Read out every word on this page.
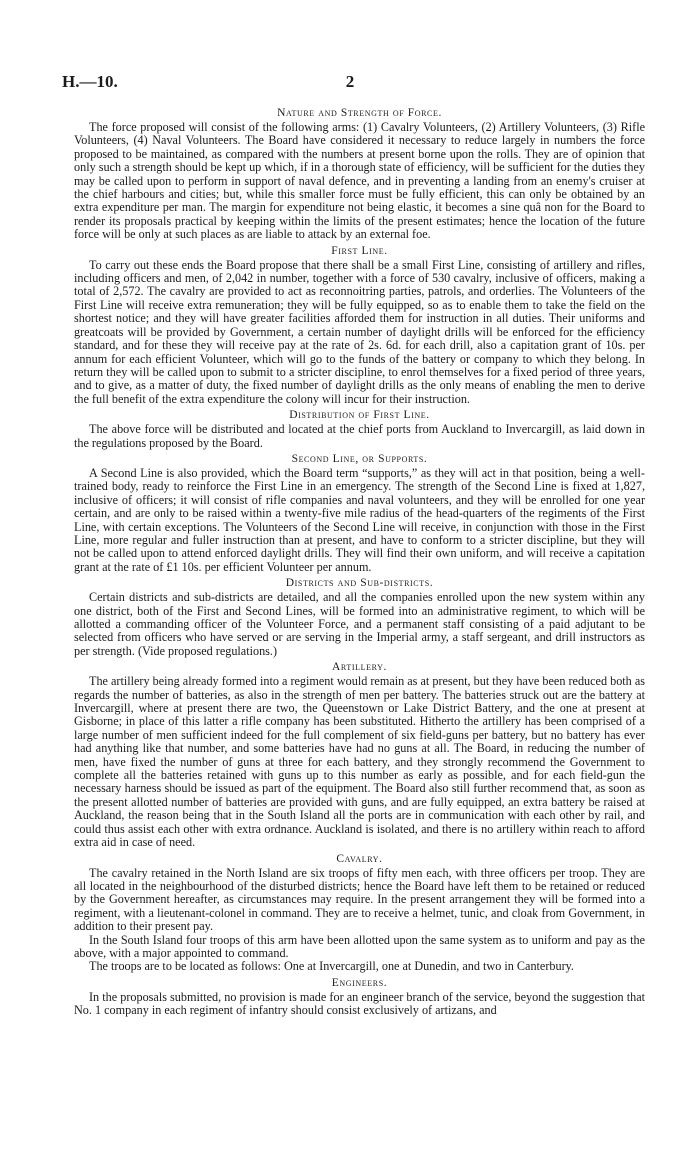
H.—10.	2
Nature and Strength of Force.

The force proposed will consist of the following arms: (1) Cavalry Volunteers, (2) Artillery Volunteers, (3) Rifle Volunteers, (4) Naval Volunteers. The Board have considered it necessary to reduce largely in numbers the force proposed to be maintained, as compared with the numbers at present borne upon the rolls. They are of opinion that only such a strength should be kept up which, if in a thorough state of efficiency, will be sufficient for the duties they may be called upon to perform in support of naval defence, and in preventing a landing from an enemy's cruiser at the chief harbours and cities; but, while this smaller force must be fully efficient, this can only be obtained by an extra expenditure per man. The margin for expenditure not being elastic, it becomes a sine quâ non for the Board to render its proposals practical by keeping within the limits of the present estimates; hence the location of the future force will be only at such places as are liable to attack by an external foe.

First Line.

To carry out these ends the Board propose that there shall be a small First Line, consisting of artillery and rifles, including officers and men, of 2,042 in number, together with a force of 530 cavalry, inclusive of officers, making a total of 2,572. The cavalry are provided to act as reconnoitring parties, patrols, and orderlies. The Volunteers of the First Line will receive extra remuneration; they will be fully equipped, so as to enable them to take the field on the shortest notice; and they will have greater facilities afforded them for instruction in all duties. Their uniforms and greatcoats will be provided by Government, a certain number of daylight drills will be enforced for the efficiency standard, and for these they will receive pay at the rate of 2s. 6d. for each drill, also a capitation grant of 10s. per annum for each efficient Volunteer, which will go to the funds of the battery or company to which they belong. In return they will be called upon to submit to a stricter discipline, to enrol themselves for a fixed period of three years, and to give, as a matter of duty, the fixed number of daylight drills as the only means of enabling the men to derive the full benefit of the extra expenditure the colony will incur for their instruction.

Distribution of First Line.

The above force will be distributed and located at the chief ports from Auckland to Invercargill, as laid down in the regulations proposed by the Board.

Second Line, or Supports.

A Second Line is also provided, which the Board term “supports,” as they will act in that position, being a well-trained body, ready to reinforce the First Line in an emergency. The strength of the Second Line is fixed at 1,827, inclusive of officers; it will consist of rifle companies and naval volunteers, and they will be enrolled for one year certain, and are only to be raised within a twenty-five mile radius of the head-quarters of the regiments of the First Line, with certain exceptions. The Volunteers of the Second Line will receive, in conjunction with those in the First Line, more regular and fuller instruction than at present, and have to conform to a stricter discipline, but they will not be called upon to attend enforced daylight drills. They will find their own uniform, and will receive a capitation grant at the rate of £1 10s. per efficient Volunteer per annum.

Districts and Sub-districts.

Certain districts and sub-districts are detailed, and all the companies enrolled upon the new system within any one district, both of the First and Second Lines, will be formed into an administrative regiment, to which will be allotted a commanding officer of the Volunteer Force, and a permanent staff consisting of a paid adjutant to be selected from officers who have served or are serving in the Imperial army, a staff sergeant, and drill instructors as per strength. (Vide proposed regulations.)

Artillery.

The artillery being already formed into a regiment would remain as at present, but they have been reduced both as regards the number of batteries, as also in the strength of men per battery. The batteries struck out are the battery at Invercargill, where at present there are two, the Queenstown or Lake District Battery, and the one at present at Gisborne; in place of this latter a rifle company has been substituted. Hitherto the artillery has been comprised of a large number of men sufficient indeed for the full complement of six field-guns per battery, but no battery has ever had anything like that number, and some batteries have had no guns at all. The Board, in reducing the number of men, have fixed the number of guns at three for each battery, and they strongly recommend the Government to complete all the batteries retained with guns up to this number as early as possible, and for each field-gun the necessary harness should be issued as part of the equipment. The Board also still further recommend that, as soon as the present allotted number of batteries are provided with guns, and are fully equipped, an extra battery be raised at Auckland, the reason being that in the South Island all the ports are in communication with each other by rail, and could thus assist each other with extra ordnance. Auckland is isolated, and there is no artillery within reach to afford extra aid in case of need.

Cavalry.

The cavalry retained in the North Island are six troops of fifty men each, with three officers per troop. They are all located in the neighbourhood of the disturbed districts; hence the Board have left them to be retained or reduced by the Government hereafter, as circumstances may require. In the present arrangement they will be formed into a regiment, with a lieutenant-colonel in command. They are to receive a helmet, tunic, and cloak from Government, in addition to their present pay.

In the South Island four troops of this arm have been allotted upon the same system as to uniform and pay as the above, with a major appointed to command.

The troops are to be located as follows: One at Invercargill, one at Dunedin, and two in Canterbury.

Engineers.

In the proposals submitted, no provision is made for an engineer branch of the service, beyond the suggestion that No. 1 company in each regiment of infantry should consist exclusively of artizans, and
